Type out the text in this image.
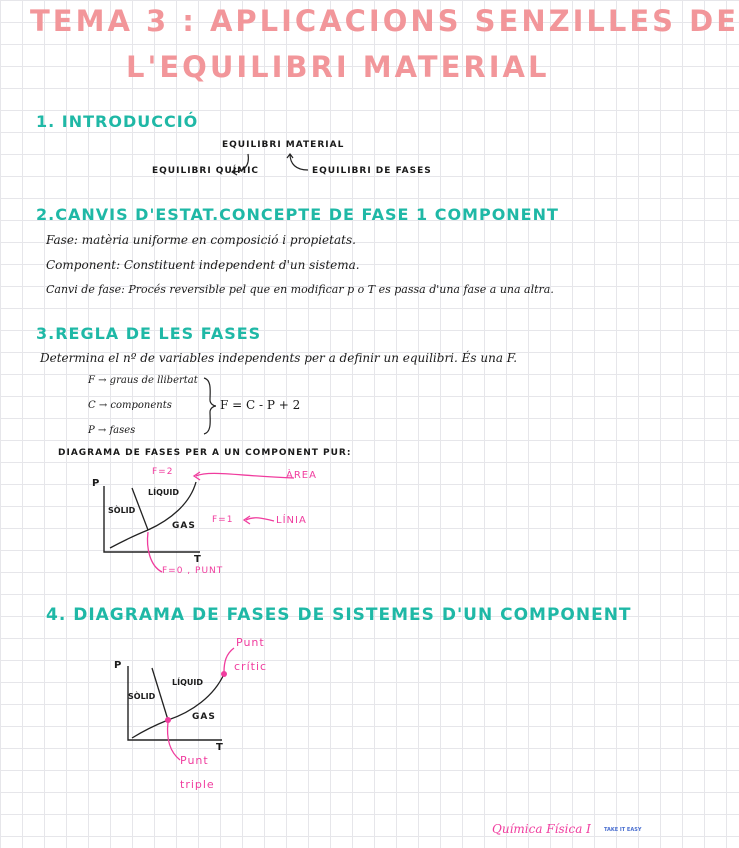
TEMA 3 : APLICACIONS SENZILLES DE
L'EQUILIBRI MATERIAL
1. INTRODUCCIÓ
EQUILIBRI MATERIAL
EQUILIBRI QUÍMIC	EQUILIBRI DE FASES
2.CANVIS D'ESTAT.CONCEPTE DE FASE 1 COMPONENT
Fase: matèria uniforme en composició i propietats.
Component: Constituent independent d'un sistema.
Canvi de fase: Procés reversible pel que en modificar p o T es passa d'una fase a una altra.
3.REGLA DE LES FASES
Determina el nº de variables independents per a definir un equilibri. És una F.
F → graus de llibertat
C → components
P → fases
F = C - P + 2
DIAGRAMA DE FASES PER A UN COMPONENT PUR:
P
T
SÒLID
LÍQUID
GAS
F=2	ÀREA
F=1	LÍNIA
F=0 , PUNT
4. DIAGRAMA DE FASES DE SISTEMES D'UN COMPONENT
P
T
SÒLID
LÍQUID
GAS
Punt
crític
Punt
triple
Química Física I	TAKE IT EASY
